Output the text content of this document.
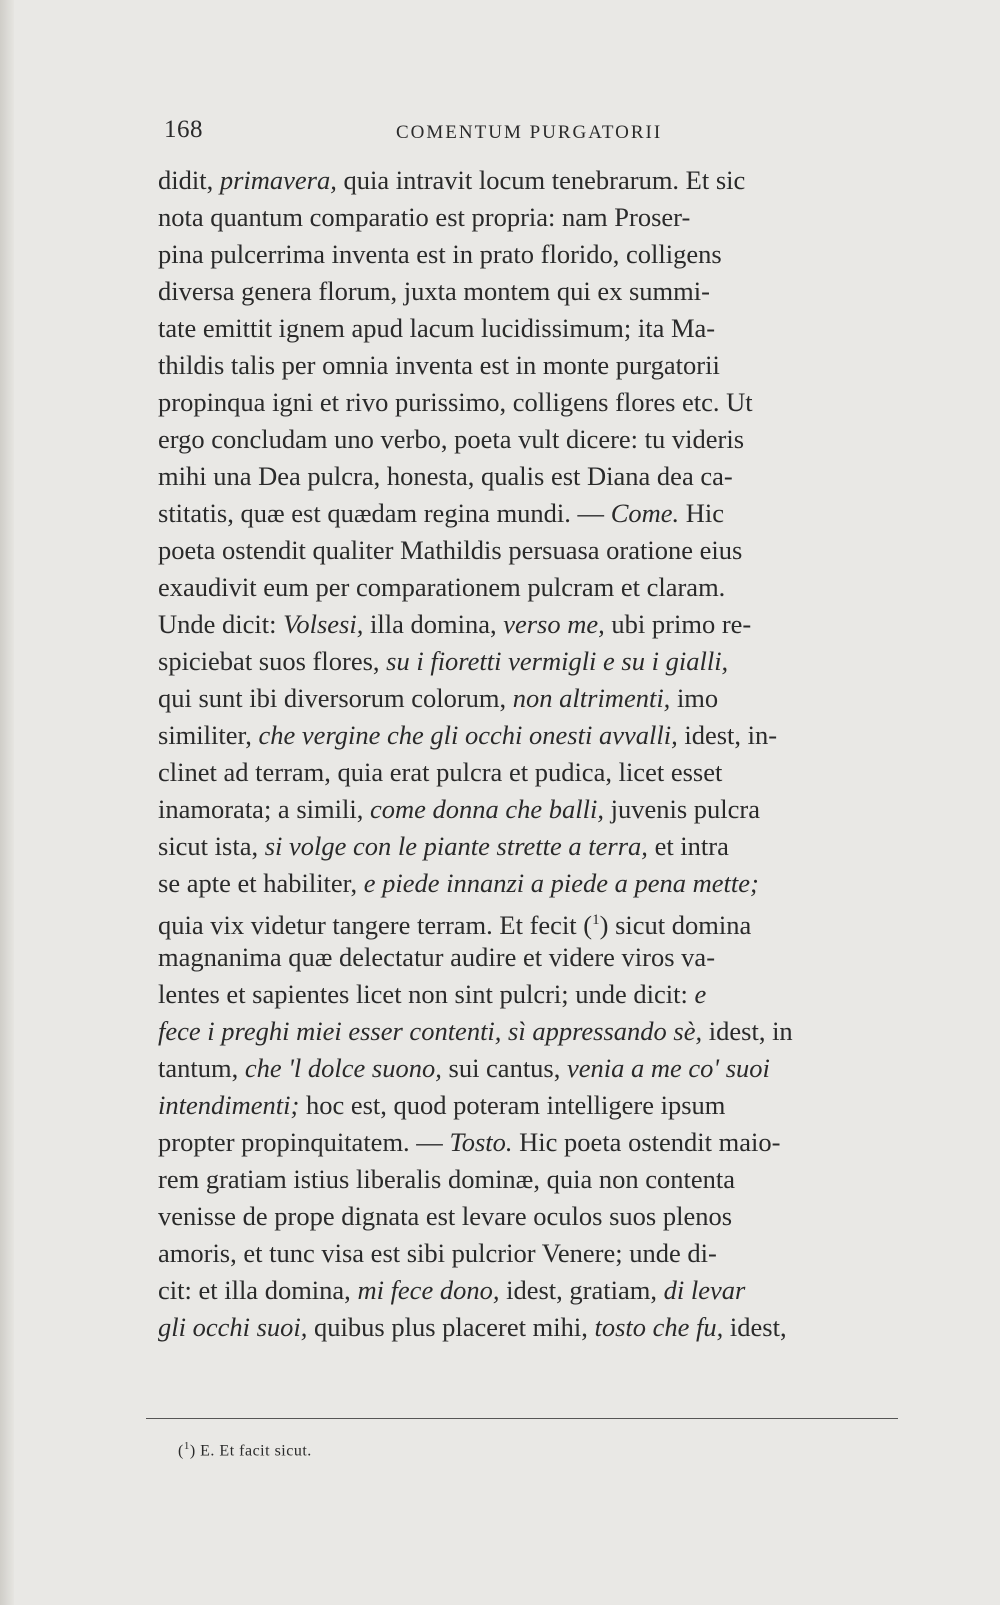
168	COMENTUM PURGATORII
didit, primavera, quia intravit locum tenebrarum. Et sic
nota quantum comparatio est propria: nam Proser-
pina pulcerrima inventa est in prato florido, colligens
diversa genera florum, juxta montem qui ex summi-
tate emittit ignem apud lacum lucidissimum; ita Ma-
thildis talis per omnia inventa est in monte purgatorii
propinqua igni et rivo purissimo, colligens flores etc. Ut
ergo concludam uno verbo, poeta vult dicere: tu videris
mihi una Dea pulcra, honesta, qualis est Diana dea ca-
stitatis, quæ est quædam regina mundi. — Come. Hic
poeta ostendit qualiter Mathildis persuasa oratione eius
exaudivit eum per comparationem pulcram et claram.
Unde dicit: Volsesi, illa domina, verso me, ubi primo re-
spiciebat suos flores, su i fioretti vermigli e su i gialli,
qui sunt ibi diversorum colorum, non altrimenti, imo
similiter, che vergine che gli occhi onesti avvalli, idest, in-
clinet ad terram, quia erat pulcra et pudica, licet esset
inamorata; a simili, come donna che balli, juvenis pulcra
sicut ista, si volge con le piante strette a terra, et intra
se apte et habiliter, e piede innanzi a piede a pena mette;
quia vix videtur tangere terram. Et fecit ($^1$) sicut domina
magnanima quæ delectatur audire et videre viros va-
lentes et sapientes licet non sint pulcri; unde dicit: e
fece i preghi miei esser contenti, sì appressando sè, idest, in
tantum, che 'l dolce suono, sui cantus, venia a me co' suoi
intendimenti; hoc est, quod poteram intelligere ipsum
propter propinquitatem. — Tosto. Hic poeta ostendit maio-
rem gratiam istius liberalis dominæ, quia non contenta
venisse de prope dignata est levare oculos suos plenos
amoris, et tunc visa est sibi pulcrior Venere; unde di-
cit: et illa domina, mi fece dono, idest, gratiam, di levar
gli occhi suoi, quibus plus placeret mihi, tosto che fu, idest,
($^1$) E. Et facit sicut.
